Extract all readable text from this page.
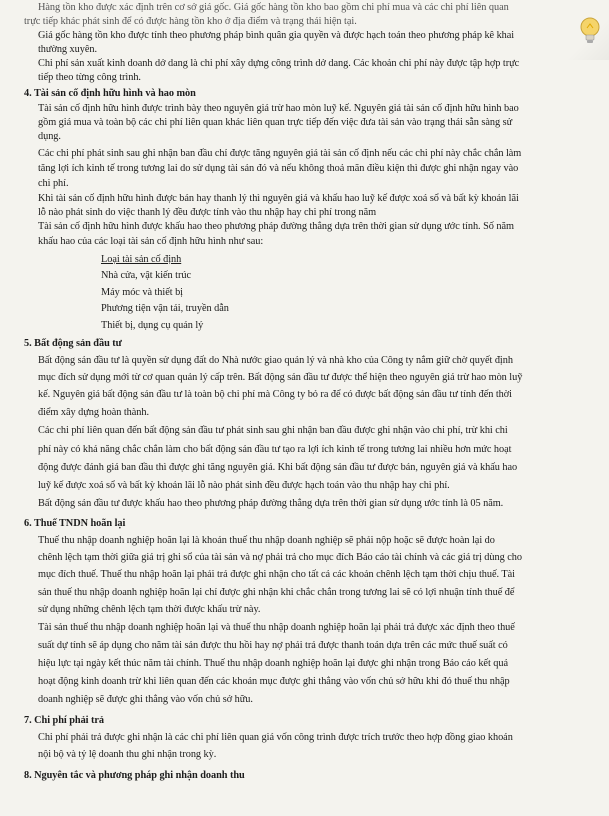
Hàng tồn kho được xác định trên cơ sở giá gốc. Giá gốc hàng tồn kho bao gồm chi phí mua và các chi phí liên quan
trực tiếp khác phát sinh để có được hàng tồn kho ở địa điểm và trạng thái hiện tại.
Giá gốc hàng tồn kho được tính theo phương pháp bình quân gia quyền và được hạch toán theo phương pháp kê khai
thường xuyên.
Chi phí sản xuất kinh doanh dở dang là chi phí xây dựng công trình dở dang. Các khoản chi phí này được tập hợp trực
tiếp theo từng công trình.
4. Tài sản cố định hữu hình và hao mòn
Tài sản cố định hữu hình được trình bày theo nguyên giá trừ hao mòn luỹ kế. Nguyên giá tài sản cố định hữu hình bao
gồm giá mua và toàn bộ các chi phí liên quan khác liên quan trực tiếp đến việc đưa tài sản vào trạng thái sẵn sàng sử
dụng.
Các chi phí phát sinh sau ghi nhận ban đầu chỉ được tăng nguyên giá tài sản cố định nếu các chi phí này chắc chắn làm
tăng lợi ích kinh tế trong tương lai do sử dụng tài sản đó và nếu không thoả mãn điều kiện thì được ghi nhận ngay vào
chi phí.
Khi tài sản cố định hữu hình được bán hay thanh lý thì nguyên giá và khấu hao luỹ kế được xoá sổ và bất kỳ khoản lãi
lỗ nào phát sinh do việc thanh lý đều được tính vào thu nhập hay chi phí trong năm
Tài sản cố định hữu hình được khấu hao theo phương pháp đường thẳng dựa trên thời gian sử dụng ước tính. Số năm
khấu hao của các loại tài sản cố định hữu hình như sau:
Loại tài sản cố định
Nhà cửa, vật kiến trúc
Máy móc và thiết bị
Phương tiện vận tải, truyền dẫn
Thiết bị, dụng cụ quản lý
5. Bất động sản đầu tư
Bất động sản đầu tư là quyền sử dụng đất do Nhà nước giao quản lý và nhà kho của Công ty nắm giữ chờ quyết định
mục đích sử dụng mới từ cơ quan quản lý cấp trên. Bất động sản đầu tư được thể hiện theo nguyên giá trừ hao mòn luỹ
kế. Nguyên giá bất động sản đầu tư là toàn bộ chi phí mà Công ty bỏ ra để có được bất động sản đầu tư tính đến thời
điểm xây dựng hoàn thành.
Các chi phí liên quan đến bất động sản đầu tư phát sinh sau ghi nhận ban đầu được ghi nhận vào chi phí, trừ khi chi
phí này có khả năng chắc chắn làm cho bất động sản đầu tư tạo ra lợi ích kinh tế trong tương lai nhiều hơn mức hoạt
động được đánh giá ban đầu thì được ghi tăng nguyên giá. Khi bất động sản đầu tư được bán, nguyên giá và khấu hao
luỹ kế được xoá sổ và bất kỳ khoản lãi lỗ nào phát sinh đều được hạch toán vào thu nhập hay chi phí.
Bất động sản đầu tư được khấu hao theo phương pháp đường thẳng dựa trên thời gian sử dụng ước tính là 05 năm.
6. Thuế TNDN hoãn lại
Thuế thu nhập doanh nghiệp hoãn lại là khoản thuế thu nhập doanh nghiệp sẽ phải nộp hoặc sẽ được hoàn lại do
chênh lệch tạm thời giữa giá trị ghi sổ của tài sản và nợ phải trả cho mục đích Báo cáo tài chính và các giá trị dùng cho
mục đích thuế. Thuế thu nhập hoãn lại phải trả được ghi nhận cho tất cả các khoản chênh lệch tạm thời chịu thuế. Tài
sản thuế thu nhập doanh nghiệp hoãn lại chỉ được ghi nhận khi chắc chắn trong tương lai sẽ có lợi nhuận tính thuế để
sử dụng những chênh lệch tạm thời được khấu trừ này.
Tài sản thuế thu nhập doanh nghiệp hoãn lại và thuế thu nhập doanh nghiệp hoãn lại phải trả được xác định theo thuế
suất dự tính sẽ áp dụng cho năm tài sản được thu hồi hay nợ phải trả được thanh toán dựa trên các mức thuế suất có
hiệu lực tại ngày kết thúc năm tài chính. Thuế thu nhập doanh nghiệp hoãn lại được ghi nhận trong Báo cáo kết quả
hoạt động kinh doanh trừ khi liên quan đến các khoản mục được ghi thẳng vào vốn chủ sở hữu khi đó thuế thu nhập
doanh nghiệp sẽ được ghi thẳng vào vốn chủ sở hữu.
7. Chi phí phải trả
Chi phí phải trả được ghi nhận là các chi phí liên quan giá vốn công trình được trích trước theo hợp đồng giao khoán
nội bộ và tỷ lệ doanh thu ghi nhận trong kỳ.
8. Nguyên tắc và phương pháp ghi nhận doanh thu
